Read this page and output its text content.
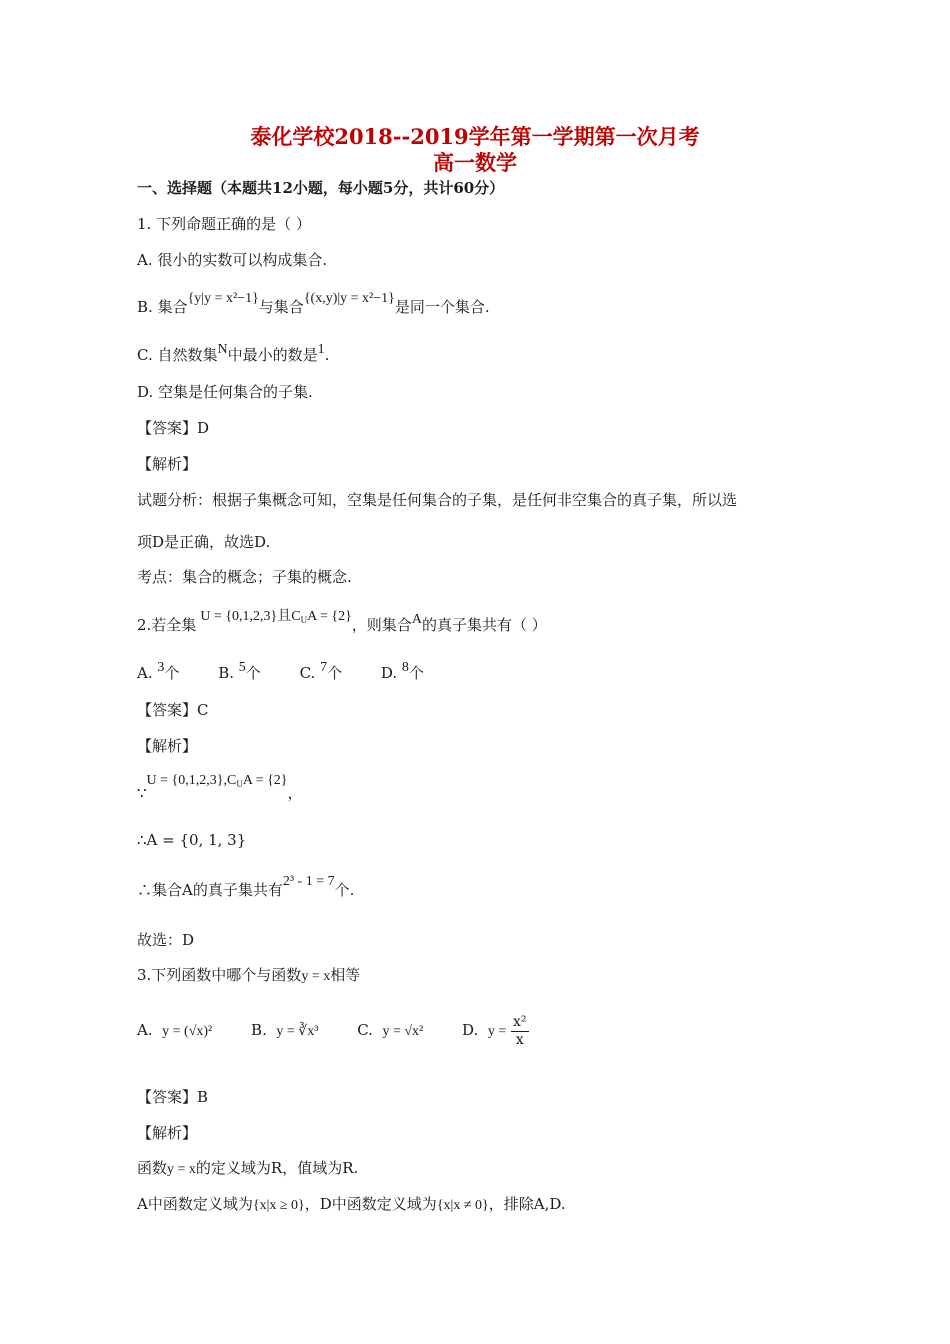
泰化学校2018--2019学年第一学期第一次月考
高一数学
一、选择题（本题共12小题，每小题5分，共计60分）
1. 下列命题正确的是（ ）
A. 很小的实数可以构成集合.
B. 集合{y|y = x²−1}与集合{(x,y)|y = x²−1}是同一个集合.
C. 自然数集N中最小的数是1.
D. 空集是任何集合的子集.
【答案】D
【解析】
试题分析：根据子集概念可知，空集是任何集合的子集，是任何非空集合的真子集，所以选
项D是正确，故选D.
考点：集合的概念；子集的概念.
2.若全集 U = {0,1,2,3}且$C_UA = \{2\}$，则集合A的真子集共有（ ）
A. 3个	B. 5个	C. 7个	D. 8个
【答案】C
【解析】
∵U = $\{0,1,2,3\},C_UA = \{2\}$，
∴A = {0, 1, 3}
∴集合A的真子集共有2³ - 1 = 7个.
故选：D
3.下列函数中哪个与函数y = x相等
A. y = (√x)²	B. y = ∛x³	C. y = √x²	D. $y = \frac{\text{x²}}{x}$
【答案】B
【解析】
函数y = x的定义域为R，值域为R.
A中函数定义域为{x|x ≥ 0}，D中函数定义域为{x|x ≠ 0}，排除A,D.
